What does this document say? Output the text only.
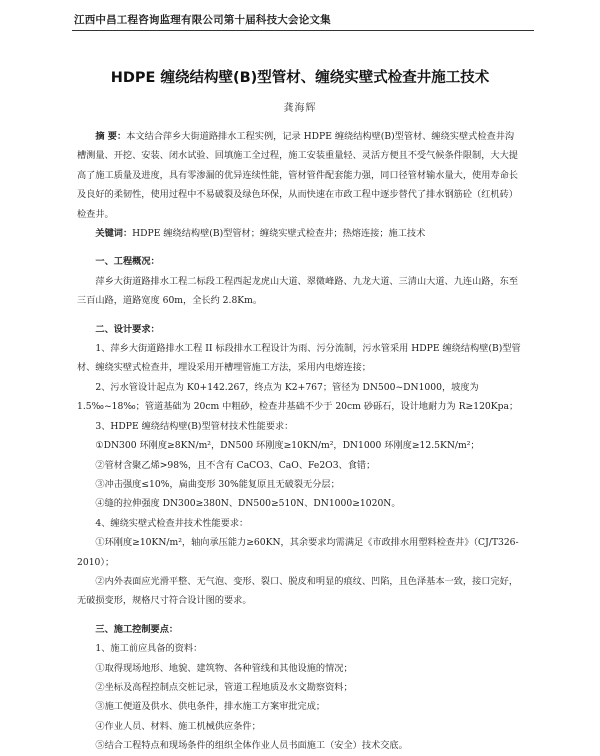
江西中昌工程咨询监理有限公司第十届科技大会论文集
HDPE 缠绕结构壁(B)型管材、缠绕实壁式检查井施工技术
龚海辉

摘 要：本文结合萍乡大街道路排水工程实例，记录 HDPE 缠绕结构壁(B)型管材、缠绕实壁式检查井沟槽测量、开挖、安装、闭水试验、回填施工全过程，施工安装重量轻、灵活方便且不受气候条件限制，大大提高了施工质量及进度，具有零渗漏的优异连续性能，管材管件配套能力强，同口径管材输水量大，使用寿命长及良好的柔韧性，使用过程中不易破裂及绿色环保，从而快速在市政工程中逐步替代了排水钢筋砼（红机砖）检查井。

关键词：HDPE 缠绕结构壁(B)型管材；缠绕实壁式检查井；热熔连接；施工技术

一、工程概况：

萍乡大街道路排水工程二标段工程西起龙虎山大道、翠微峰路、九龙大道、三清山大道、九连山路，东至三百山路，道路宽度 60m，全长约 2.8Km。

二、设计要求：

1、萍乡大街道路排水工程 II 标段排水工程设计为雨、污分流制，污水管采用 HDPE 缠绕结构壁(B)型管材、缠绕实壁式检查井，埋设采用开槽埋管施工方法，采用内电熔连接；

2、污水管设计起点为 K0+142.267，终点为 K2+767；管径为 DN500~DN1000，坡度为 1.5‰~18‰；管道基础为 20cm 中粗砂，检查井基础不少于 20cm 砂砾石，设计地耐力为 R≥120Kpa；

3、HDPE 缠绕结构壁(B)型管材技术性能要求：

①DN300 环刚度≥8KN/m²，DN500 环刚度≥10KN/m²，DN1000 环刚度≥12.5KN/m²；

②管材含聚乙烯>98%，且不含有 CaCO3、CaO、Fe2O3、食错；

③冲击强度≤10%，扁曲变形 30%能复原且无破裂无分层；

④缝的拉伸强度 DN300≥380N、DN500≥510N、DN1000≥1020N。

4、缠绕实壁式检查井技术性能要求：

①环刚度≥10KN/m²，轴向承压能力≥60KN，其余要求均需满足《市政排水用塑料检查井》（CJ/T326-2010）；

②内外表面应光滑平整、无气泡、变形、裂口、脱皮和明显的痕纹、凹陷，且色泽基本一致，接口完好，无破损变形，规格尺寸符合设计图的要求。

三、施工控制要点：

1、施工前应具备的资料：

①取得现场地形、地貌、建筑物、各种管线和其他设施的情况；

②坐标及高程控制点交桩记录，管道工程地质及水文勘察资料；

③施工便道及供水、供电条件，排水施工方案审批完成；

④作业人员、材料、施工机械供应条件；

⑤结合工程特点和现场条件的组织全体作业人员书面施工（安全）技术交底。
